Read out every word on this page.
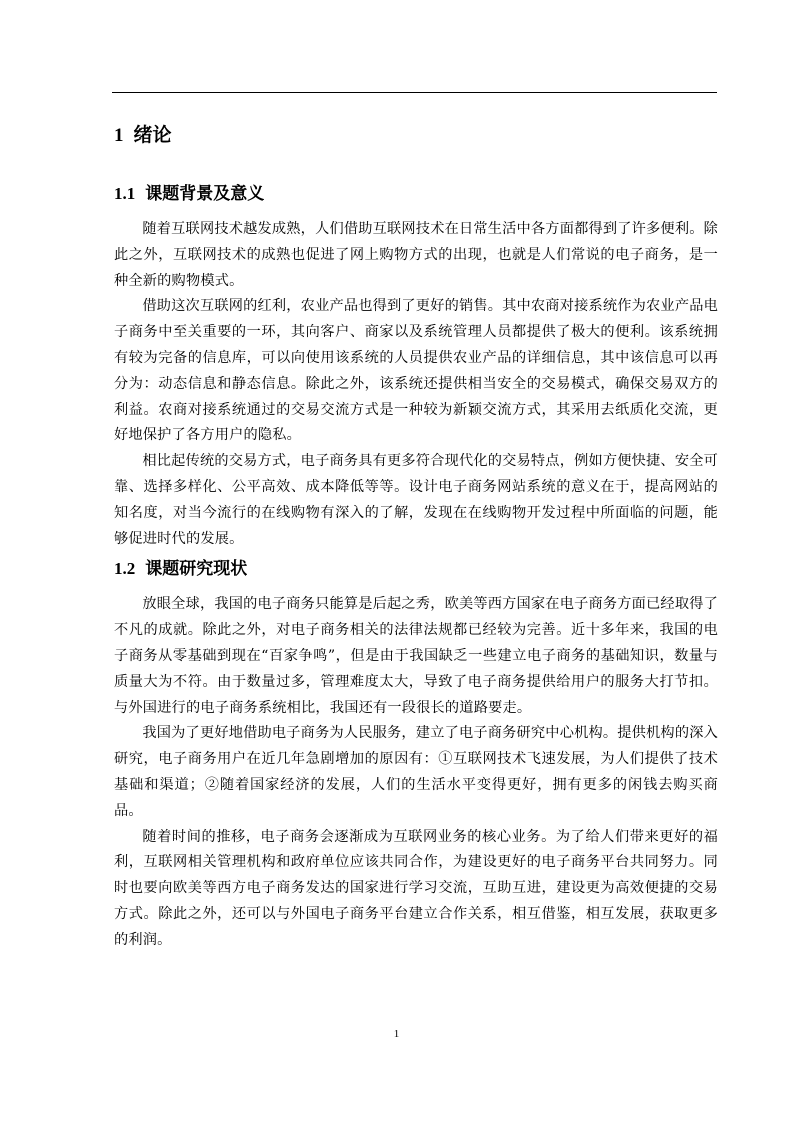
1 绪论
1.1 课题背景及意义

随着互联网技术越发成熟，人们借助互联网技术在日常生活中各方面都得到了许多便利。除此之外，互联网技术的成熟也促进了网上购物方式的出现，也就是人们常说的电子商务，是一种全新的购物模式。

借助这次互联网的红利，农业产品也得到了更好的销售。其中农商对接系统作为农业产品电子商务中至关重要的一环，其向客户、商家以及系统管理人员都提供了极大的便利。该系统拥有较为完备的信息库，可以向使用该系统的人员提供农业产品的详细信息，其中该信息可以再分为：动态信息和静态信息。除此之外，该系统还提供相当安全的交易模式，确保交易双方的利益。农商对接系统通过的交易交流方式是一种较为新颖交流方式，其采用去纸质化交流，更好地保护了各方用户的隐私。

相比起传统的交易方式，电子商务具有更多符合现代化的交易特点，例如方便快捷、安全可靠、选择多样化、公平高效、成本降低等等。设计电子商务网站系统的意义在于，提高网站的知名度，对当今流行的在线购物有深入的了解，发现在在线购物开发过程中所面临的问题，能够促进时代的发展。

1.2 课题研究现状

放眼全球，我国的电子商务只能算是后起之秀，欧美等西方国家在电子商务方面已经取得了不凡的成就。除此之外，对电子商务相关的法律法规都已经较为完善。近十多年来，我国的电子商务从零基础到现在“百家争鸣”，但是由于我国缺乏一些建立电子商务的基础知识，数量与质量大为不符。由于数量过多，管理难度太大，导致了电子商务提供给用户的服务大打节扣。与外国进行的电子商务系统相比，我国还有一段很长的道路要走。

我国为了更好地借助电子商务为人民服务，建立了电子商务研究中心机构。提供机构的深入研究，电子商务用户在近几年急剧增加的原因有：①互联网技术飞速发展，为人们提供了技术基础和渠道；②随着国家经济的发展，人们的生活水平变得更好，拥有更多的闲钱去购买商品。

随着时间的推移，电子商务会逐渐成为互联网业务的核心业务。为了给人们带来更好的福利，互联网相关管理机构和政府单位应该共同合作，为建设更好的电子商务平台共同努力。同时也要向欧美等西方电子商务发达的国家进行学习交流，互助互进，建设更为高效便捷的交易方式。除此之外，还可以与外国电子商务平台建立合作关系，相互借鉴，相互发展，获取更多的利润。

1
